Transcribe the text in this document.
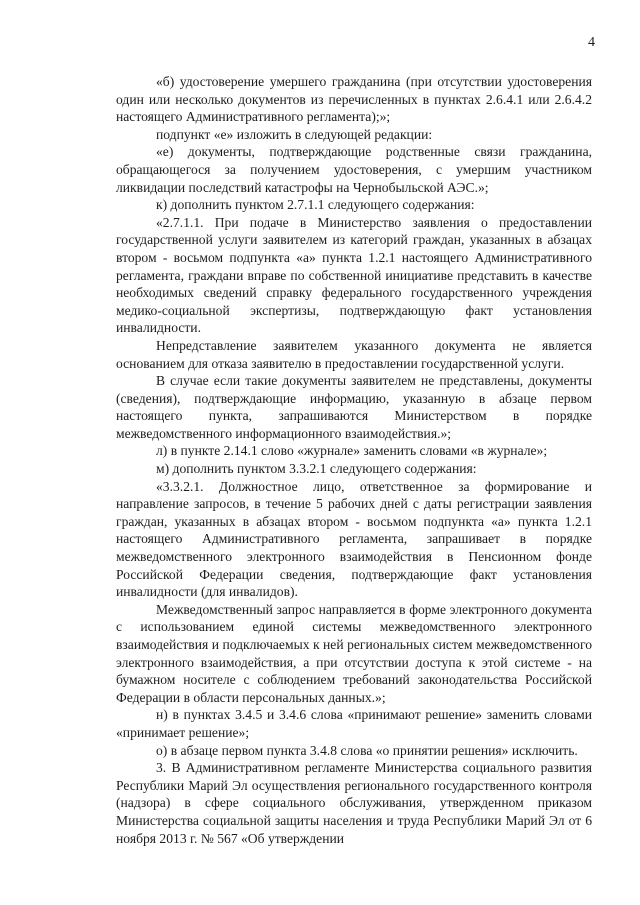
4

«б) удостоверение умершего гражданина (при отсутствии удостоверения один или несколько документов из перечисленных в пунктах 2.6.4.1 или 2.6.4.2 настоящего Административного регламента);»;

подпункт «е» изложить в следующей редакции:

«е) документы, подтверждающие родственные связи гражданина, обращающегося за получением удостоверения, с умершим участником ликвидации последствий катастрофы на Чернобыльской АЭС.»;

к) дополнить пунктом 2.7.1.1 следующего содержания:

«2.7.1.1. При подаче в Министерство заявления о предоставлении государственной услуги заявителем из категорий граждан, указанных в абзацах втором - восьмом подпункта «а» пункта 1.2.1 настоящего Административного регламента, граждани вправе по собственной инициативе представить в качестве необходимых сведений справку федерального государственного учреждения медико-социальной экспертизы, подтверждающую факт установления инвалидности.

Непредставление заявителем указанного документа не является основанием для отказа заявителю в предоставлении государственной услуги.

В случае если такие документы заявителем не представлены, документы (сведения), подтверждающие информацию, указанную в абзаце первом настоящего пункта, запрашиваются Министерством в порядке межведомственного информационного взаимодействия.»;

л) в пункте 2.14.1 слово «журнале» заменить словами «в журнале»;

м) дополнить пунктом 3.3.2.1 следующего содержания:

«3.3.2.1. Должностное лицо, ответственное за формирование и направление запросов, в течение 5 рабочих дней с даты регистрации заявления граждан, указанных в абзацах втором - восьмом подпункта «а» пункта 1.2.1 настоящего Административного регламента, запрашивает в порядке межведомственного электронного взаимодействия в Пенсионном фонде Российской Федерации сведения, подтверждающие факт установления инвалидности (для инвалидов).

Межведомственный запрос направляется в форме электронного документа с использованием единой системы межведомственного электронного взаимодействия и подключаемых к ней региональных систем межведомственного электронного взаимодействия, а при отсутствии доступа к этой системе - на бумажном носителе с соблюдением требований законодательства Российской Федерации в области персональных данных.»;

н) в пунктах 3.4.5 и 3.4.6 слова «принимают решение» заменить словами «принимает решение»;

о) в абзаце первом пункта 3.4.8 слова «о принятии решения» исключить.

3. В Административном регламенте Министерства социального развития Республики Марий Эл осуществления регионального государственного контроля (надзора) в сфере социального обслуживания, утвержденном приказом Министерства социальной защиты населения и труда Республики Марий Эл от 6 ноября 2013 г. № 567 «Об утверждении
